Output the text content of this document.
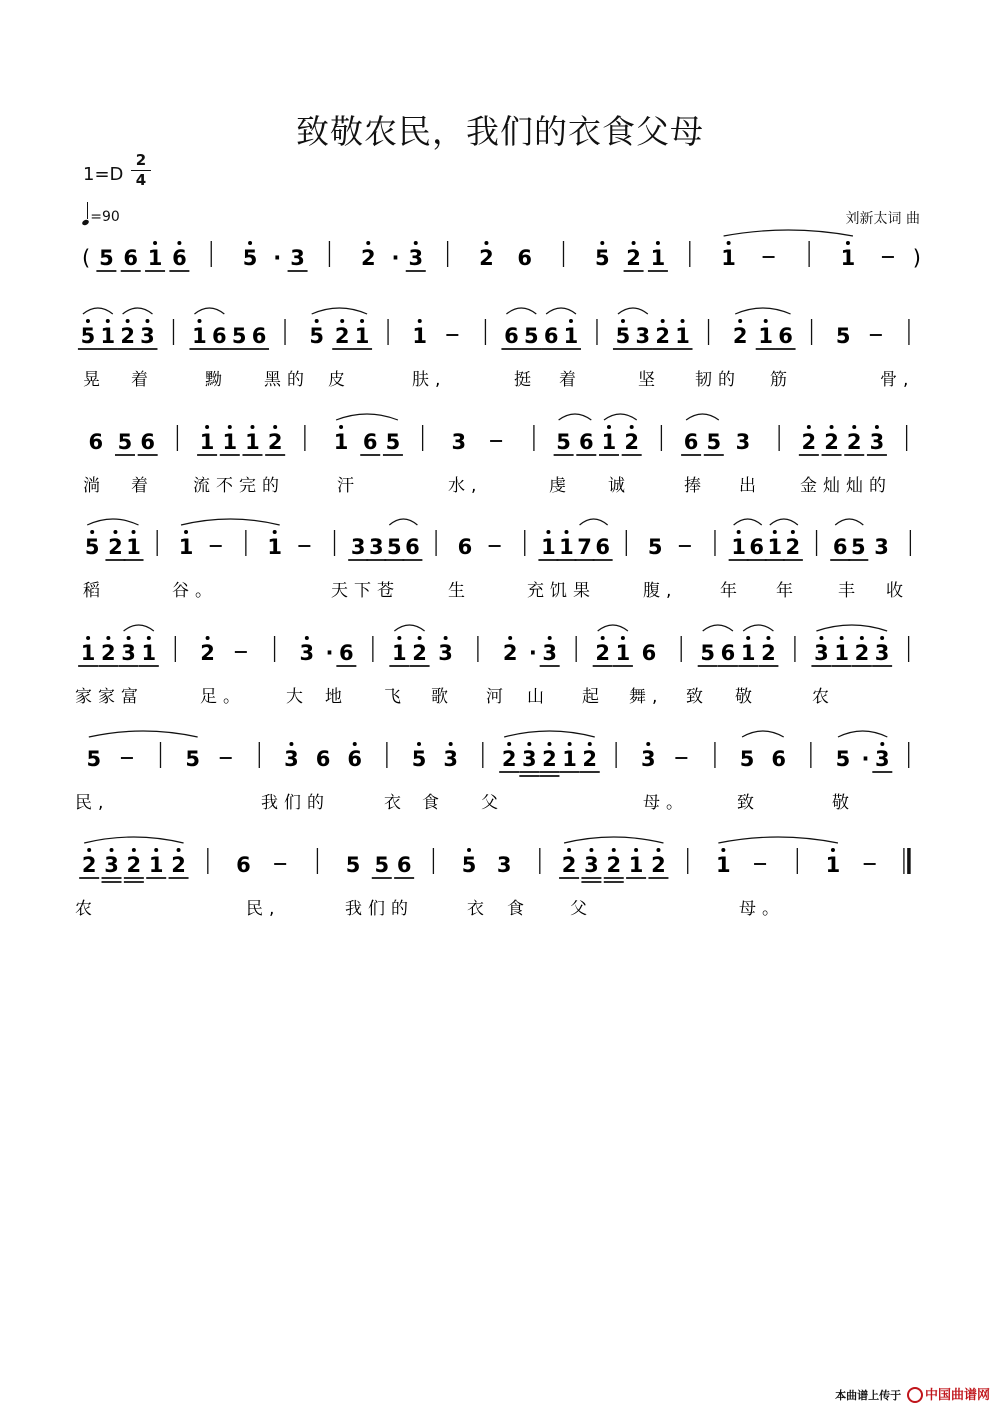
致敬农民，我们的衣食父母
1=D
2
4
=90	刘新太词 曲
( 5 6 1 6	5 · 3	2 · 3	2 6	5 2 1	1	1	)
5 1 2 3 1 6 5 6 5 2 1 1	6 5 6 1 5 3 2 1 2 1 6 5
晃 着	黝 黑的 皮	肤,	挺 着	坚 韧的 筋	骨,
6 5 6 1 1 1 2 1 6 5 3	5 6 1 2 6 5 3 2 2 2 3
淌 着 流不完的	汗	水,	虔 诚	捧 出 金灿灿的
5 2 1 1	1	3 3 5 6 6	1 1 7 6 5	1 6 1 2 6 5 3
稻	谷。	天下苍	生	充饥果	腹,	年 年 丰 收
1 2 3 1 2	3 · 6 1 2 3 2 · 3 2 1 6 5 6 1 2 3 1 2 3
家家富	足。 大 地 飞 歌 河 山 起 舞, 致 敬	农
5	5	3 6 6 5 3 2 3 2 1 2 3	5 6 5 · 3
民,	我们的	衣 食 父	母。	致	敬
2 3 2 1 2 6	5 5 6 5 3 2 3 2 1 2 1	1
农	民,	我们的	衣 食 父	母。
本曲谱上传于 中国曲谱网
